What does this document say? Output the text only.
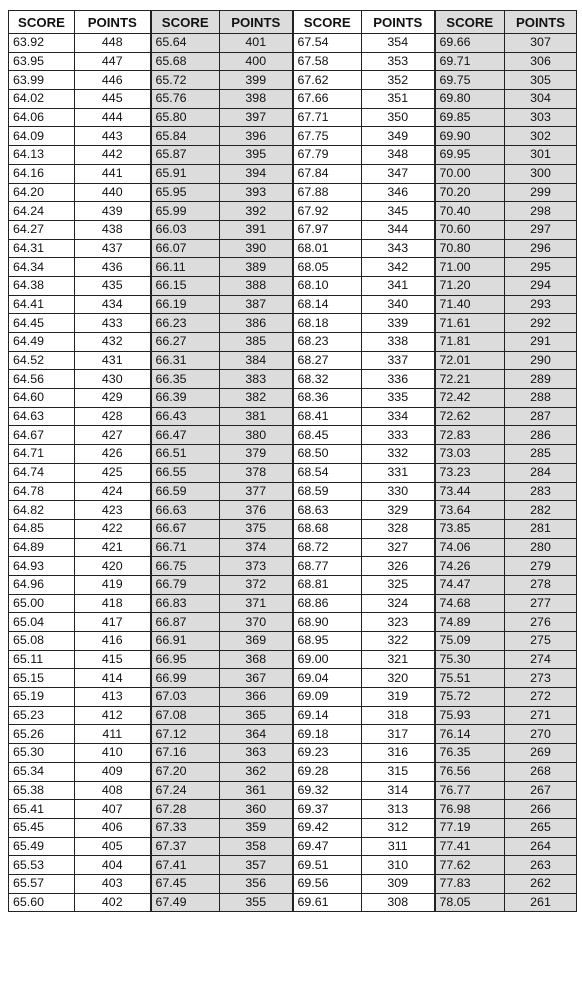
SCORE	POINTS	SCORE	POINTS	SCORE	POINTS	SCORE	POINTS
63.92	448	65.64	401	67.54	354	69.66	307
63.95	447	65.68	400	67.58	353	69.71	306
63.99	446	65.72	399	67.62	352	69.75	305
64.02	445	65.76	398	67.66	351	69.80	304
64.06	444	65.80	397	67.71	350	69.85	303
64.09	443	65.84	396	67.75	349	69.90	302
64.13	442	65.87	395	67.79	348	69.95	301
64.16	441	65.91	394	67.84	347	70.00	300
64.20	440	65.95	393	67.88	346	70.20	299
64.24	439	65.99	392	67.92	345	70.40	298
64.27	438	66.03	391	67.97	344	70.60	297
64.31	437	66.07	390	68.01	343	70.80	296
64.34	436	66.11	389	68.05	342	71.00	295
64.38	435	66.15	388	68.10	341	71.20	294
64.41	434	66.19	387	68.14	340	71.40	293
64.45	433	66.23	386	68.18	339	71.61	292
64.49	432	66.27	385	68.23	338	71.81	291
64.52	431	66.31	384	68.27	337	72.01	290
64.56	430	66.35	383	68.32	336	72.21	289
64.60	429	66.39	382	68.36	335	72.42	288
64.63	428	66.43	381	68.41	334	72.62	287
64.67	427	66.47	380	68.45	333	72.83	286
64.71	426	66.51	379	68.50	332	73.03	285
64.74	425	66.55	378	68.54	331	73.23	284
64.78	424	66.59	377	68.59	330	73.44	283
64.82	423	66.63	376	68.63	329	73.64	282
64.85	422	66.67	375	68.68	328	73.85	281
64.89	421	66.71	374	68.72	327	74.06	280
64.93	420	66.75	373	68.77	326	74.26	279
64.96	419	66.79	372	68.81	325	74.47	278
65.00	418	66.83	371	68.86	324	74.68	277
65.04	417	66.87	370	68.90	323	74.89	276
65.08	416	66.91	369	68.95	322	75.09	275
65.11	415	66.95	368	69.00	321	75.30	274
65.15	414	66.99	367	69.04	320	75.51	273
65.19	413	67.03	366	69.09	319	75.72	272
65.23	412	67.08	365	69.14	318	75.93	271
65.26	411	67.12	364	69.18	317	76.14	270
65.30	410	67.16	363	69.23	316	76.35	269
65.34	409	67.20	362	69.28	315	76.56	268
65.38	408	67.24	361	69.32	314	76.77	267
65.41	407	67.28	360	69.37	313	76.98	266
65.45	406	67.33	359	69.42	312	77.19	265
65.49	405	67.37	358	69.47	311	77.41	264
65.53	404	67.41	357	69.51	310	77.62	263
65.57	403	67.45	356	69.56	309	77.83	262
65.60	402	67.49	355	69.61	308	78.05	261
